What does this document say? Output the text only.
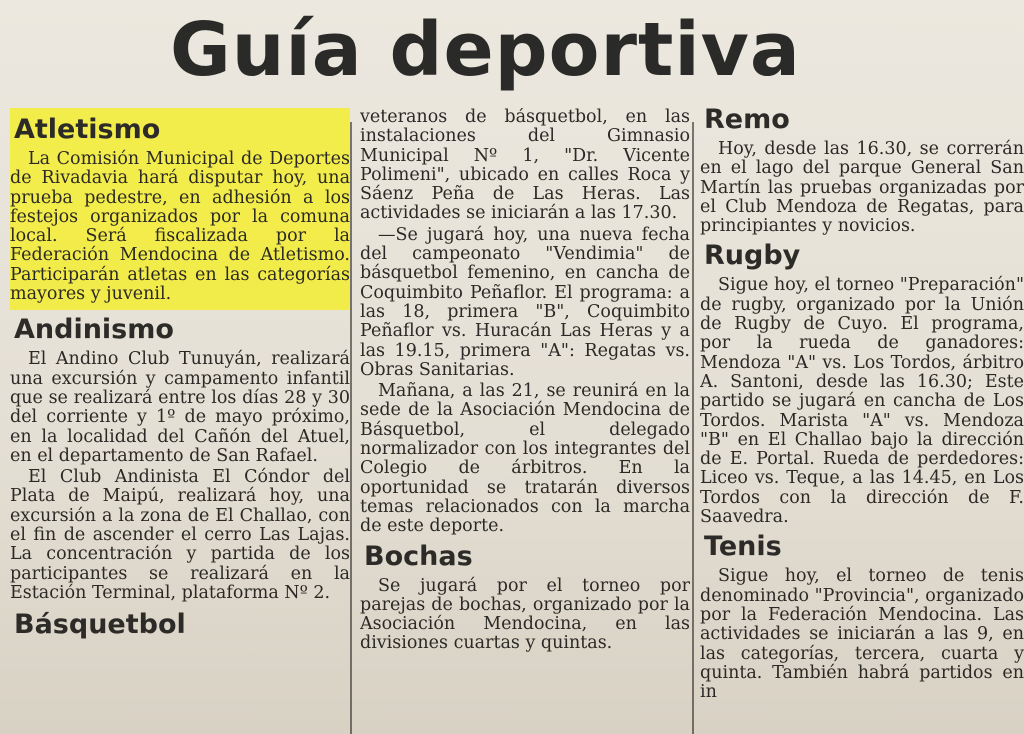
Guía deportiva
Atletismo

La Comisión Municipal de Deportes de Rivadavia hará disputar hoy, una prueba pedestre, en adhesión a los festejos organizados por la comuna local. Será fiscalizada por la Federación Mendocina de Atletismo. Participarán atletas en las categorías mayores y juvenil.

Andinismo

El Andino Club Tunuyán, realizará una excursión y campamento infantil que se realizará entre los días 28 y 30 del corriente y 1º de mayo próximo, en la localidad del Cañón del Atuel, en el departamento de San Rafael.

El Club Andinista El Cóndor del Plata de Maipú, realizará hoy, una excursión a la zona de El Challao, con el fin de ascender el cerro Las Lajas. La concentración y partida de los participantes se realizará en la Estación Terminal, plataforma Nº 2.

Básquetbol

veteranos de básquetbol, en las instalaciones del Gimnasio Municipal Nº 1, "Dr. Vicente Polimeni", ubicado en calles Roca y Sáenz Peña de Las Heras. Las actividades se iniciarán a las 17.30.

—Se jugará hoy, una nueva fecha del campeonato "Vendimia" de básquetbol femenino, en cancha de Coquimbito Peñaflor. El programa: a las 18, primera "B", Coquimbito Peñaflor vs. Huracán Las Heras y a las 19.15, primera "A": Regatas vs. Obras Sanitarias.

Mañana, a las 21, se reunirá en la sede de la Asociación Mendocina de Básquetbol, el delegado normalizador con los integrantes del Colegio de árbitros. En la oportunidad se tratarán diversos temas relacionados con la marcha de este deporte.

Bochas

Se jugará por el torneo por parejas de bochas, organizado por la Asociación Mendocina, en las divisiones cuartas y quintas.

Remo

Hoy, desde las 16.30, se correrán en el lago del parque General San Martín las pruebas organizadas por el Club Mendoza de Regatas, para principiantes y novicios.

Rugby

Sigue hoy, el torneo "Preparación" de rugby, organizado por la Unión de Rugby de Cuyo. El programa, por la rueda de ganadores: Mendoza "A" vs. Los Tordos, árbitro A. Santoni, desde las 16.30; Este partido se jugará en cancha de Los Tordos. Marista "A" vs. Mendoza "B" en El Challao bajo la dirección de E. Portal. Rueda de perdedores: Liceo vs. Teque, a las 14.45, en Los Tordos con la dirección de F. Saavedra.

Tenis

Sigue hoy, el torneo de tenis denominado "Provincia", organizado por la Federación Mendocina. Las actividades se iniciarán a las 9, en las categorías, tercera, cuarta y quinta. También habrá partidos en in
